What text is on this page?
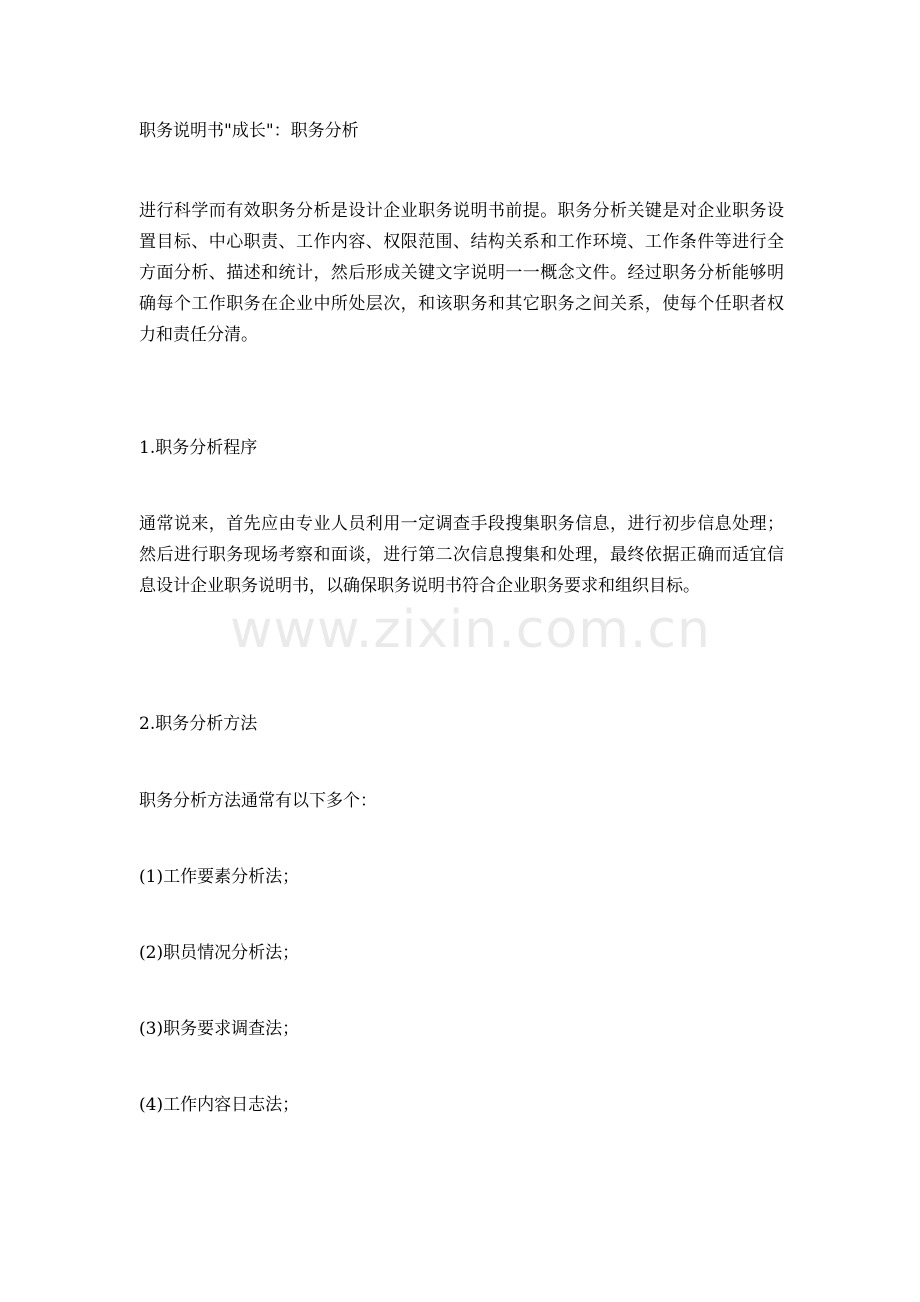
职务说明书"成长"：职务分析

进行科学而有效职务分析是设计企业职务说明书前提。职务分析关键是对企业职务设置目标、中心职责、工作内容、权限范围、结构关系和工作环境、工作条件等进行全方面分析、描述和统计，然后形成关键文字说明一一概念文件。经过职务分析能够明确每个工作职务在企业中所处层次，和该职务和其它职务之间关系，使每个任职者权力和责任分清。

1.职务分析程序

通常说来，首先应由专业人员利用一定调查手段搜集职务信息，进行初步信息处理；然后进行职务现场考察和面谈，进行第二次信息搜集和处理，最终依据正确而适宜信息设计企业职务说明书，以确保职务说明书符合企业职务要求和组织目标。

2.职务分析方法

职务分析方法通常有以下多个：

(1)工作要素分析法；

(2)职员情况分析法；

(3)职务要求调查法；

(4)工作内容日志法；

www.zixin.com.cn
